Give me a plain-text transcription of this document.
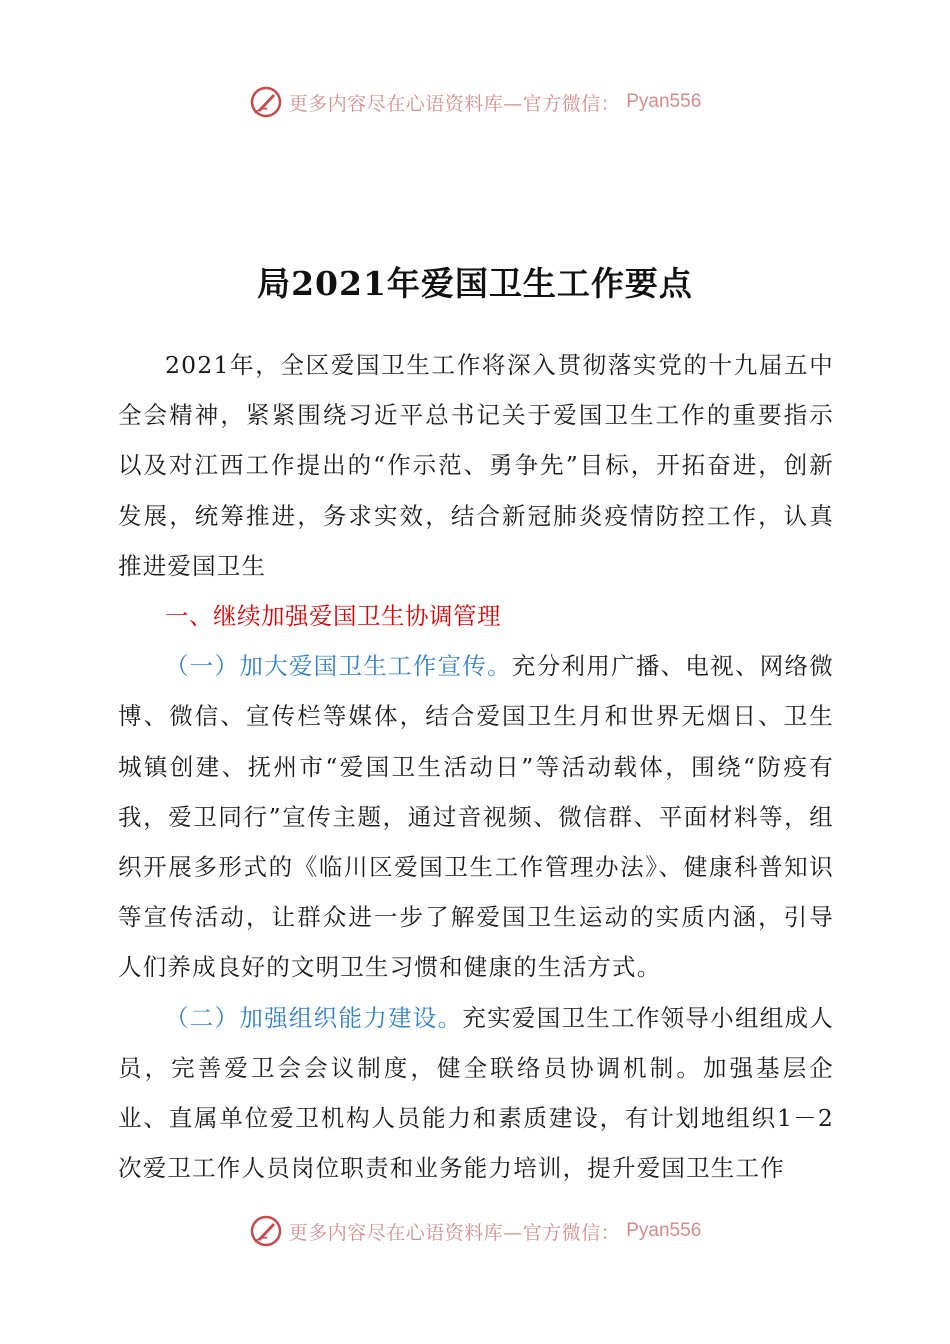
更多内容尽在心语资料库—官方微信： Pyan556
局2021年爱国卫生工作要点

2021年，全区爱国卫生工作将深入贯彻落实党的十九届五中全会精神，紧紧围绕习近平总书记关于爱国卫生工作的重要指示以及对江西工作提出的“作示范、勇争先”目标，开拓奋进，创新发展，统筹推进，务求实效，结合新冠肺炎疫情防控工作，认真推进爱国卫生

一、继续加强爱国卫生协调管理

（一）加大爱国卫生工作宣传。充分利用广播、电视、网络微博、微信、宣传栏等媒体，结合爱国卫生月和世界无烟日、卫生城镇创建、抚州市“爱国卫生活动日”等活动载体，围绕“防疫有我，爱卫同行”宣传主题，通过音视频、微信群、平面材料等，组织开展多形式的《临川区爱国卫生工作管理办法》、健康科普知识等宣传活动，让群众进一步了解爱国卫生运动的实质内涵，引导人们养成良好的文明卫生习惯和健康的生活方式。

（二）加强组织能力建设。充实爱国卫生工作领导小组组成人员，完善爱卫会会议制度，健全联络员协调机制。加强基层企业、直属单位爱卫机构人员能力和素质建设，有计划地组织1－2次爱卫工作人员岗位职责和业务能力培训，提升爱国卫生工作

更多内容尽在心语资料库—官方微信： Pyan556
